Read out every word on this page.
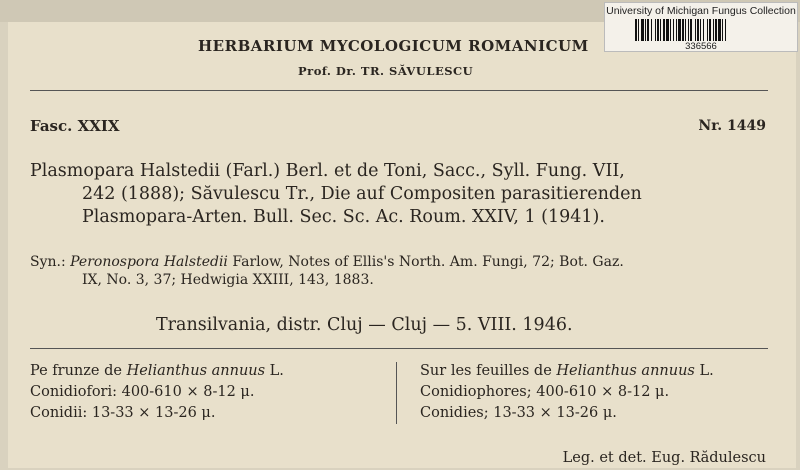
University of Michigan Fungus Collection
336566
HERBARIUM MYCOLOGICUM ROMANICUM
Prof. Dr. TR. SĂVULESCU
Fasc. XXIX	Nr. 1449
Plasmopara Halstedii (Farl.) Berl. et de Toni, Sacc., Syll. Fung. VII,
242 (1888); Săvulescu Tr., Die auf Compositen parasitierenden
Plasmopara-Arten. Bull. Sec. Sc. Ac. Roum. XXIV, 1 (1941).
Syn.: Peronospora Halstedii Farlow, Notes of Ellis's North. Am. Fungi, 72; Bot. Gaz.
IX, No. 3, 37; Hedwigia XXIII, 143, 1883.
Transilvania, distr. Cluj — Cluj — 5. VIII. 1946.
Pe frunze de Helianthus annuus L.
Conidiofori: 400-610 × 8-12 μ.
Conidii: 13-33 × 13-26 μ.
Sur les feuilles de Helianthus annuus L.
Conidiophores; 400-610 × 8-12 μ.
Conidies; 13-33 × 13-26 μ.
Leg. et det. Eug. Rădulescu
